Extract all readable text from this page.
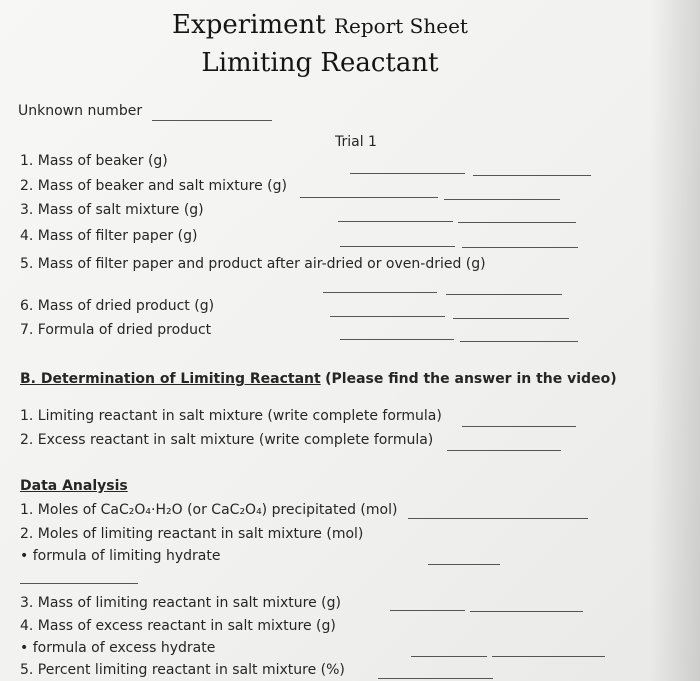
Experiment Report Sheet
Limiting Reactant
Unknown number
Trial 1
1. Mass of beaker (g)
2. Mass of beaker and salt mixture (g)
3. Mass of salt mixture (g)
4. Mass of filter paper (g)
5. Mass of filter paper and product after air-dried or oven-dried (g)
6. Mass of dried product (g)
7. Formula of dried product
B. Determination of Limiting Reactant (Please find the answer in the video)
1. Limiting reactant in salt mixture (write complete formula)
2. Excess reactant in salt mixture (write complete formula)
Data Analysis
1. Moles of CaC₂O₄·H₂O (or CaC₂O₄) precipitated (mol)
2. Moles of limiting reactant in salt mixture (mol)
• formula of limiting hydrate
3. Mass of limiting reactant in salt mixture (g)
4. Mass of excess reactant in salt mixture (g)
• formula of excess hydrate
5. Percent limiting reactant in salt mixture (%)
